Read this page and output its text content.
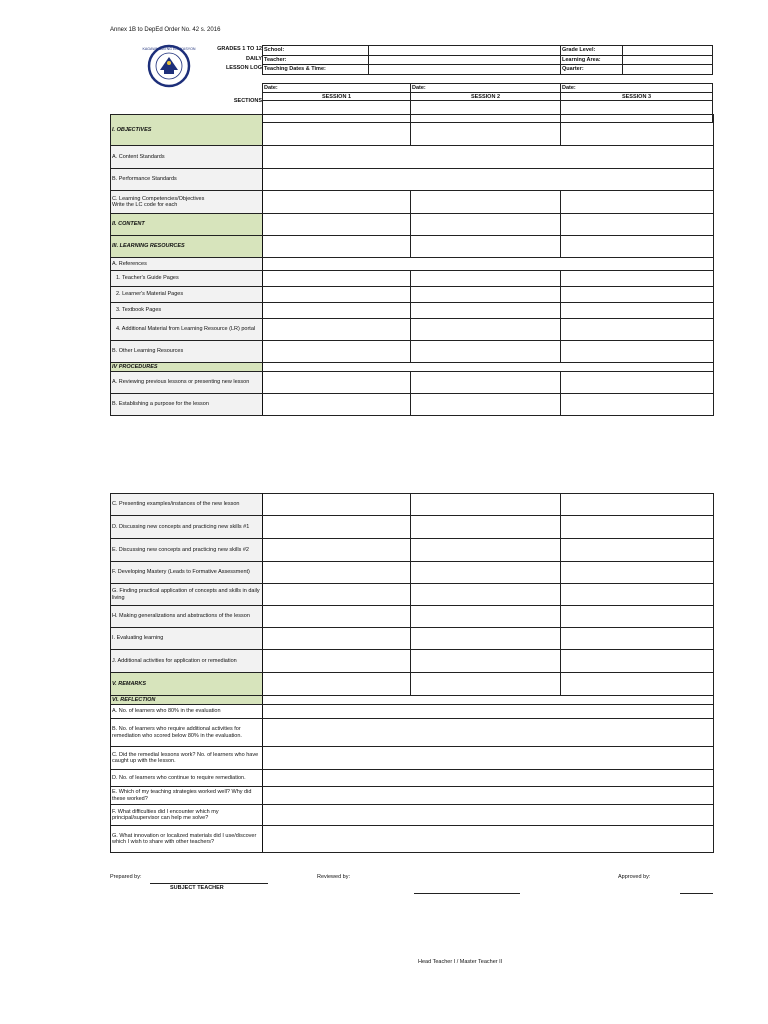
Annex 1B to DepEd Order No. 42 s. 2016
KAGAWARAN NG EDUKASYON	GRADES 1 TO 12
DAILY
LESSON LOG
School:		Grade Level:	
Teacher:		Learning Area:	
Teaching Dates & Time:		Quarter:	
Date:	Date:	Date:
SESSION 1	SESSION 2	SESSION 3

SECTIONS
I. OBJECTIVES			
A. Content Standards			
B. Performance Standards			

C. Learning Competencies/Objectives
Write the LC code for each			

II. CONTENT			
III. LEARNING RESOURCES			
A. References			
1. Teacher's Guide Pages			
2. Learner's Material Pages			
3. Textbook Pages			
4. Additional Material from Learning Resource (LR) portal			
B. Other Learning Resources			
IV PROCEDURES			
A. Reviewing previous lessons or presenting new lesson			
B. Establishing a purpose for the lesson			
C. Presenting examples/instances of the new lesson			
D. Discussing new concepts and practicing new skills #1			
E. Discussing new concepts and practicing new skills #2			
F. Developing Mastery (Leads to Formative Assessment)			
G. Finding practical application of concepts and skills in daily living			
H. Making generalizations and abstractions of the lesson			
I. Evaluating learning			
J. Additional activities for application or remediation			
V. REMARKS			
VI. REFLECTION			
A. No. of learners who 80% in the evaluation			
B. No. of learners who require additional activities for remediation who scored below 80% in the evaluation.			
C. Did the remedial lessons work? No. of learners who have caught up with the lesson.			
D. No. of learners who continue to require remediation.			
E. Which of my teaching strategies worked well? Why did these worked?			
F. What difficulties did I encounter which my principal/supervisor can help me solve?			
G. What innovation or localized materials did I use/discover which I wish to share with other teachers?			
Prepared by:
SUBJECT TEACHER
Reviewed by:	Approved by:
Head Teacher I / Master Teacher II
